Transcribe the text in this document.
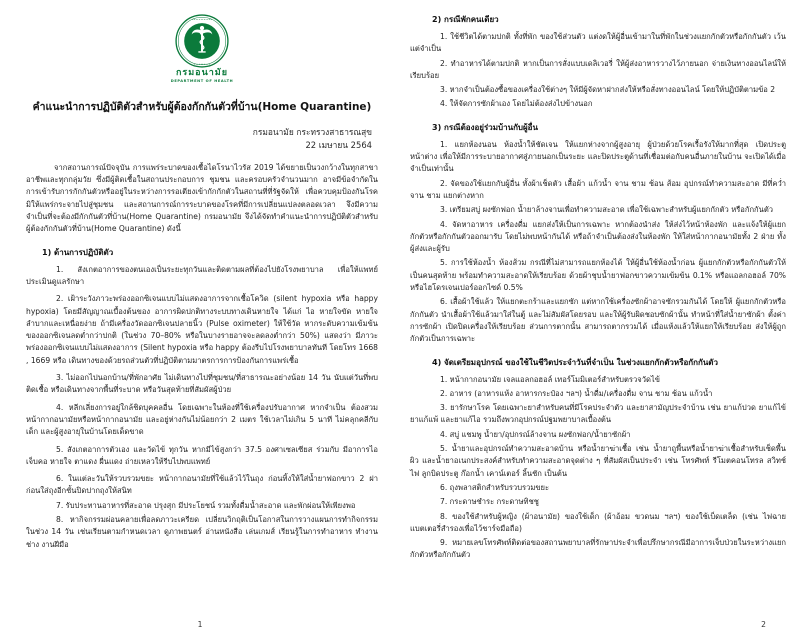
••••••••••••
••••••••••
กรมอนามัย
DEPARTMENT OF HEALTH
คำแนะนำการปฏิบัติตัวสำหรับผู้ต้องกักกันตัวที่บ้าน(Home Quarantine)
กรมอนามัย กระทรวงสาธารณสุข
22 เมษายน 2564
จากสถานการณ์ปัจจุบัน การแพร่ระบาดของเชื้อไดโรนาไวรัส 2019 ได้ขยายเป็นวงกว้างในทุกสาขาอาชีพและทุกกลุ่มวัย ซึ่งมีผู้ติดเชื้อในสถานประกอบการ ชุมชน และครอบครัวจำนวนมาก อาจมีข้อจำกัดในการเข้ารับการกักกันตัวหรืออยู่ในระหว่างการรอเตียงเข้ากักกักตัวในสถานที่ที่รัฐจัดให้ เพื่อควบคุมป้องกันโรค มิให้แพร่กระจายไปสู่ชุมชน และสถานการณ์การระบาดของโรคที่มีการเปลี่ยนแปลงตลอดเวลา จึงมีความจำเป็นที่จะต้องมีกักกันตัวที่บ้าน(Home Quarantine) กรมอนามัย จึงได้จัดทำคำแนะนำการปฏิบัติตัวสำหรับผู้ต้องกักกันตัวที่บ้าน(Home Quarantine) ดังนี้
1) ด้านการปฏิบัติตัว
1. สังเกตอาการของตนเองเป็นระยะทุกวันและติดตามผลที่ต้องไปยังโรงพยาบาล เพื่อให้แพทย์ประเมินดูแลรักษา
2. เฝ้าระวังภาวะพร่องออกซิเจนแบบไม่แสดงอาการจากเชื้อโควิด (silent hypoxia หรือ happy hypoxia) โดยมีสัญญาณเบื้องต้นของ อาการผิดปกติทางระบบทางเดินหายใจ ได้แก่ ไอ หายใจขัด หายใจลำบากและเหนื่อยง่าย ถ้ามีเครื่องวัดออกซิเจนปลายนิ้ว (Pulse oximeter) ให้ใช้วัด หากระดับความเข้มข้นของออกซิเจนลดต่ำกว่าปกติ (ในช่วง 70–80% หรือในบางรายอาจจะลดลงต่ำกว่า 50%) แสดงว่า มีภาวะพร่องออกซิเจนแบบไม่แสดงอาการ (Silent hypoxia หรือ happy ต้องรีบไปโรงพยาบาลทันที โดยโทร 1668 , 1669 หรือ เดินทางของด้วยรถส่วนตัวที่ปฏิบัติตามมาตรการการป้องกันการแพร่เชื้อ
3. ไม่ออกไปนอกบ้าน/ที่พักอาศัย ไม่เดินทางไปที่ชุมชน/ที่สาธารณะอย่างน้อย 14 วัน นับแต่วันที่พบติดเชื้อ หรือเดินทางจากพื้นที่ระบาด หรือวันสุดท้ายที่สัมผัสผู้ป่วย
4. หลีกเลี่ยงการอยู่ใกล้ชิดบุคคลอื่น โดยเฉพาะในห้องที่ใช้เครื่องปรับอากาศ หากจำเป็น ต้องสวมหน้ากากอนามัยหรือหน้ากากอนามัย และอยู่ห่างกันไม่น้อยกว่า 2 เมตร ใช้เวลาไม่เกิน 5 นาที ไม่คลุกคลีกับเด็ก และผู้สูงอายุในบ้านโดยเด็ดขาด
5. สังเกตอาการตัวเอง และวัดไข้ ทุกวัน หากมีไข้สูงกว่า 37.5 องศาเซลเซียส ร่วมกับ มีอาการไอ เจ็บคอ หายใจ ตาแดง ผื่นแดง ถ่ายเหลวให้รีบไปพบแพทย์
6. ในแต่ละวันให้รวบรวมขยะ หน้ากากอนามัยที่ใช้แล้วไว้ในถุง ก่อนทิ้งให้ใส่น้ำยาฟอกขาว 2 ฝา ก่อนใส่ถุงอีกชั้นปิดปากถุงให้สนิท
7. รับประทานอาหารที่สะอาด ปรุงสุก มีประโยชน์ รวมทั้งดื่มน้ำสะอาด และพักผ่อนให้เพียงพอ
8. หากิจกรรมผ่อนคลายเพื่อลดภาวะเครียด เปลี่ยนวิกฤติเป็นโอกาสในการวางแผนการทำกิจกรรมในช่วง 14 วัน เช่นเรียนตามกำหนดเวลา ดูภาพยนตร์ อ่านหนังสือ เล่นเกมส์ เรียนรู้ในการทำอาหาร ทำงานช่าง งานฝีมือ
1
2) กรณีพักคนเดียว
1. ใช้ชีวิตได้ตามปกติ ทั้งที่พัก ของใช้ส่วนตัว แต่งดให้ผู้อื่นเข้ามาในที่พักในช่วงแยกกักตัวหรือกักกันตัว เว้นแต่จำเป็น
2. ทำอาหารได้ตามปกติ หากเป็นการสั่งแบบเดลิเวอรี่ ให้ผู้ส่งอาหารวางไว้ภายนอก จ่ายเงินทางออนไลน์ให้เรียบร้อย
3. หากจำเป็นต้องซื้อของเครื่องใช้ต่างๆ ให้มีผู้จัดหาฝากส่งให้หรือสั่งทางออนไลน์ โดยให้ปฏิบัติตามข้อ 2
4. ให้จัดการซักผ้าเอง โดยไม่ต้องส่งไปข้างนอก
3) กรณีต้องอยู่ร่วมบ้านกับผู้อื่น
1. แยกห้องนอน ห้องน้ำให้ชัดเจน ให้แยกห่างจากผู้สูงอายุ ผู้ป่วยด้วยโรคเรื้อรังให้มากที่สุด เปิดประตูหน้าต่าง เพื่อให้มีการระบายอากาศสู่ภายนอกเป็นระยะ และปิดประตูด้านที่เชื่อมต่อกับคนอื่นภายในบ้าน จะเปิดได้เมื่อจำเป็นเท่านั้น
2. จัดของใช้แยกกับผู้อื่น ทั้งผ้าเช็ดตัว เสื้อผ้า แก้วน้ำ จาน ชาม ช้อน ส้อม อุปกรณ์ทำความสะอาด มีที่คว่ำจาน ชาม แยกต่างหาก
3. เตรียมสบู่ ผงซักฟอก น้ำยาล้างจานเพื่อทำความสะอาด เพื่อใช้เฉพาะสำหรับผู้แยกกักตัว หรือกักกันตัว
4. จัดหาอาหาร เครื่องดื่ม แยกส่งให้เป็นการเฉพาะ หากต้องนำส่ง ให้ส่งไว้หน้าห้องพัก และแจ้งให้ผู้แยกกักตัวหรือกักกันตัวออกมารับ โดยไม่พบหน้ากันได้ หรือถ้าจำเป็นต้องส่งในห้องพัก ให้ใส่หน้ากากอนามัยทั้ง 2 ฝ่าย ทั้งผู้ส่งและผู้รับ
5. การใช้ห้องน้ำ ห้องส้วม กรณีที่ไม่สามารถแยกห้องได้ ให้ผู้อื่นใช้ห้องน้ำก่อน ผู้แยกกักตัวหรือกักกันตัวให้เป็นคนสุดท้าย พร้อมทำความสะอาดให้เรียบร้อย ด้วยผ้าชุบน้ำยาฟอกขาวความเข้มข้น 0.1% หรือแอลกอฮอล์ 70% หรือไฮโดรเจนเปอร์ออกไซด์ 0.5%
6. เสื้อผ้าใช้แล้ว ให้แยกตะกร้าและแยกซัก แต่หากใช้เครื่องซักผ้าอาจซักรวมกันได้ โดยให้ ผู้แยกกักตัวหรือกักกันตัว นำเสื้อผ้าใช้แล้วมาใส่ในตู้ และไม่สัมผัสโดยรอบ และให้ผู้รับผิดชอบซักผ้านั้น ทำหน้าที่ใส่น้ำยาซักผ้า ตั้งค่าการซักผ้า เปิดปิดเครื่องให้เรียบร้อย ส่วนการตากนั้น สามารถตากรวมได้ เมื่อแห้งแล้วให้แยกให้เรียบร้อย ส่งให้ผู้ถูกกักตัวเป็นการเฉพาะ
4) จัดเตรียมอุปกรณ์ ของใช้ในชีวิตประจำวันที่จำเป็น ในช่วงแยกกักตัวหรือกักกันตัว
1. หน้ากากอนามัย เจลแอลกอฮอล์ เทอร์โมมิเตอร์สำหรับตรวจวัดไข้
2. อาหาร (อาหารแห้ง อาหารกระป๋อง ฯลฯ) น้ำดื่ม/เครื่องดื่ม จาน ชาม ช้อน แก้วน้ำ
3. ยารักษาโรค โดยเฉพาะยาสำหรับคนที่มีโรคประจำตัว และยาสามัญประจำบ้าน เช่น ยาแก้ปวด ยาแก้ไข้ ยาแก้แพ้ และยาแก้ไอ รวมถึงพวกอุปกรณ์ปฐมพยาบาลเบื้องต้น
4. สบู่ แชมพู น้ำยา/อุปกรณ์ล้างจาน ผงซักฟอก/น้ำยาซักผ้า
5. น้ำยาและอุปกรณ์ทำความสะอาดบ้าน หรือน้ำยาฆ่าเชื้อ เช่น น้ำยาถูพื้นหรือน้ำยาฆ่าเชื้อสำหรับเช็ดพื้นผิว และน้ำยาอเนกประสงค์สำหรับทำความสะอาดจุดต่าง ๆ ที่สัมผัสเป็นประจำ เช่น โทรศัพท์ รีโมตคอนโทรล สวิทช์ไฟ ลูกบิดประตู ก๊อกน้ำ เคาน์เตอร์ ลิ้นชัก เป็นต้น
6. ถุงพลาสติกสำหรับรวบรวมขยะ
7. กระดาษชำระ กระดาษทิชชู
8. ของใช้สำหรับผู้หญิง (ผ้าอนามัย) ของใช้เด็ก (ผ้าอ้อม ขวดนม ฯลฯ) ของใช้เบ็ดเตล็ด (เช่น ไฟฉาย แบตเตอรี่สำรองเพื่อไว้ชาร์จมือถือ)
9. หมายเลขโทรศัพท์ติดต่อของสถานพยาบาลที่รักษาประจำเพื่อปรึกษากรณีมีอาการเจ็บป่วยในระหว่างแยกกักตัวหรือกักกันตัว
2
